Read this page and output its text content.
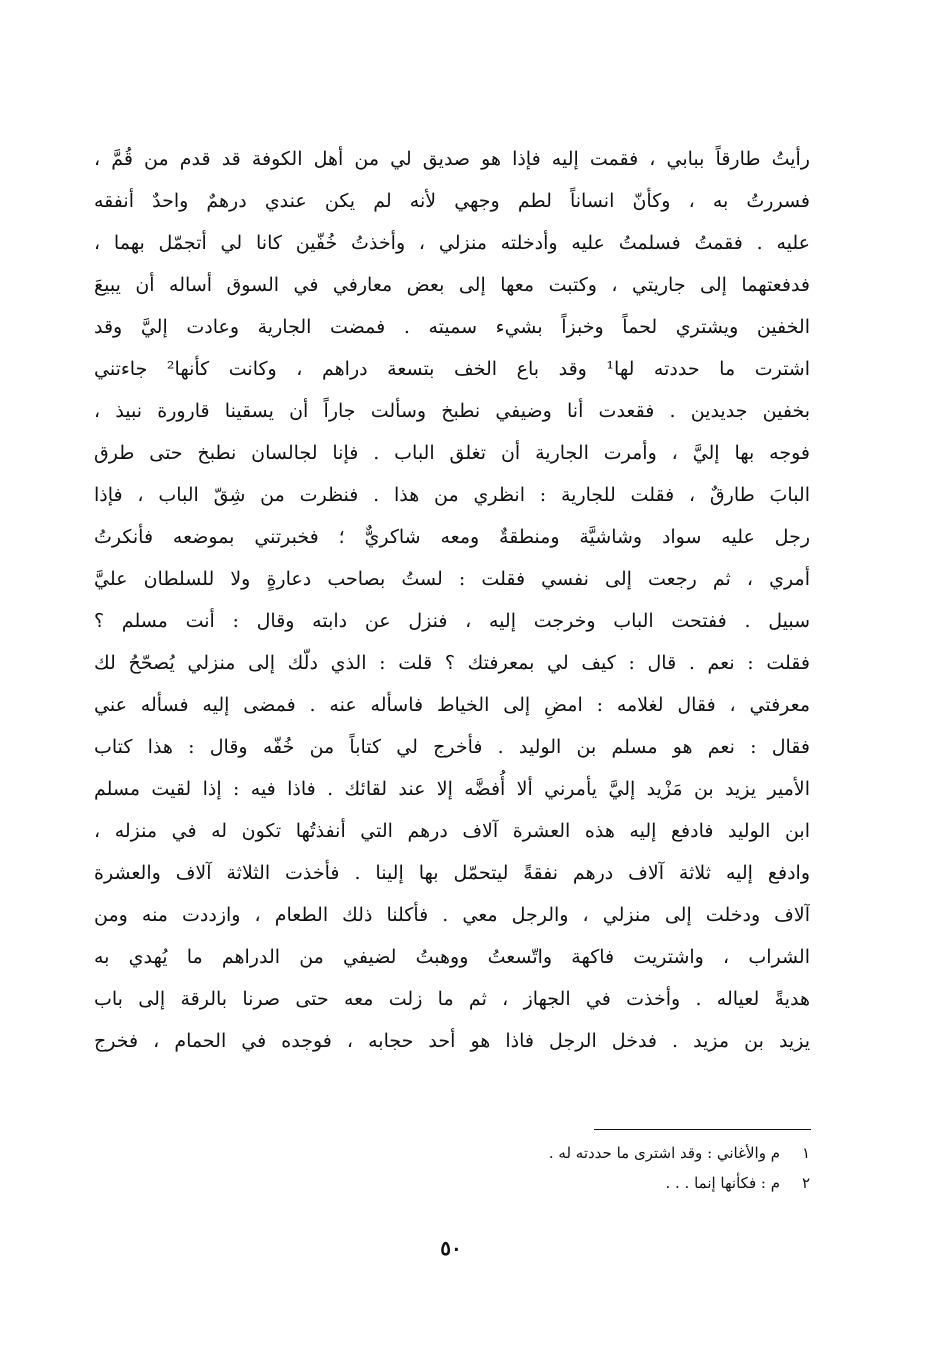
رأيتُ طارقاً ببابي ، فقمت إليه فإذا هو صديق لي من أهل الكوفة قد قدم من قُمَّ ،
فسررتُ به ، وكأنّ انساناً لطم وجهي لأنه لم يكن عندي درهمٌ واحدٌ أنفقه
عليه . فقمتُ فسلمتُ عليه وأدخلته منزلي ، وأخذتُ خُفّين كانا لي أتجمّل بهما ،
فدفعتهما إلى جاريتي ، وكتبت معها إلى بعض معارفي في السوق أساله أن يبيعَ
الخفين ويشتري لحماً وخبزاً بشيء سميته . فمضت الجارية وعادت إليَّ وقد
اشترت ما حددته لها¹ وقد باع الخف بتسعة دراهم ، وكانت كأنها² جاءتني
بخفين جديدين . فقعدت أنا وضيفي نطبخ وسألت جاراً أن يسقينا قارورة نبيذ ،
فوجه بها إليَّ ، وأمرت الجارية أن تغلق الباب . فإنا لجالسان نطبخ حتى طرق
البابَ طارقٌ ، فقلت للجارية : انظري من هذا . فنظرت من شِقّ الباب ، فإذا
رجل عليه سواد وشاشيَّة ومنطقةٌ ومعه شاكريٌّ ؛ فخبرتني بموضعه فأنكرتُ
أمري ، ثم رجعت إلى نفسي فقلت : لستُ بصاحب دعارةٍ ولا للسلطان عليَّ
سبيل . ففتحت الباب وخرجت إليه ، فنزل عن دابته وقال : أنت مسلم ؟
فقلت : نعم . قال : كيف لي بمعرفتك ؟ قلت : الذي دلّك إلى منزلي يُصحّحُ لك
معرفتي ، فقال لغلامه : امضِ إلى الخياط فاسأله عنه . فمضى إليه فسأله عني
فقال : نعم هو مسلم بن الوليد . فأخرج لي كتاباً من خُفّه وقال : هذا كتاب
الأمير يزيد بن مَزْيد إليَّ يأمرني ألا أُفضَّه إلا عند لقائك . فاذا فيه : إذا لقيت مسلم
ابن الوليد فادفع إليه هذه العشرة آلاف درهم التي أنفذتُها تكون له في منزله ،
وادفع إليه ثلاثة آلاف درهم نفقةً ليتحمّل بها إلينا . فأخذت الثلاثة آلاف والعشرة
آلاف ودخلت إلى منزلي ، والرجل معي . فأكلنا ذلك الطعام ، وازددت منه ومن
الشراب ، واشتريت فاكهة واتّسعتُ ووهبتُ لضيفي من الدراهم ما يُهدي به
هديةً لعياله . وأخذت في الجهاز ، ثم ما زلت معه حتى صرنا بالرقة إلى باب
يزيد بن مزيد . فدخل الرجل فاذا هو أحد حجابه ، فوجده في الحمام ، فخرج
١
م والأغاني : وقد اشترى ما حددته له .
٢
م : فكأنها إنما . . .
٥٠
